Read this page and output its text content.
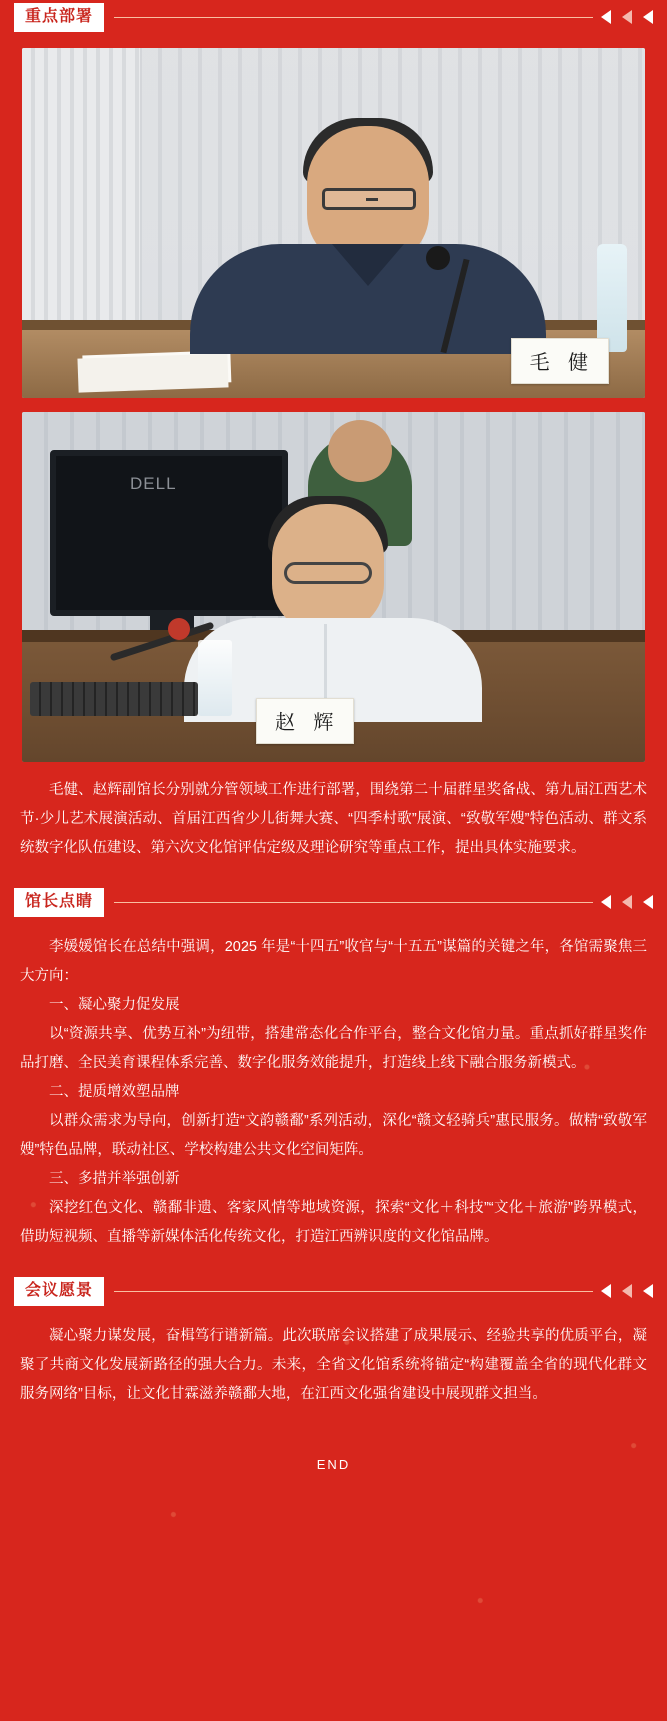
重点部署
毛 健
DELL
赵 辉

毛健、赵辉副馆长分别就分管领域工作进行部署，围绕第二十届群星奖备战、第九届江西艺术节·少儿艺术展演活动、首届江西省少儿街舞大赛、“四季村歌”展演、“致敬军嫂”特色活动、群文系统数字化队伍建设、第六次文化馆评估定级及理论研究等重点工作，提出具体实施要求。

馆长点睛

李媛媛馆长在总结中强调，2025 年是“十四五”收官与“十五五”谋篇的关键之年，各馆需聚焦三大方向：

一、凝心聚力促发展

以“资源共享、优势互补”为纽带，搭建常态化合作平台，整合文化馆力量。重点抓好群星奖作品打磨、全民美育课程体系完善、数字化服务效能提升，打造线上线下融合服务新模式。

二、提质增效塑品牌

以群众需求为导向，创新打造“文韵赣鄱”系列活动，深化“赣文轻骑兵”惠民服务。做精“致敬军嫂”特色品牌，联动社区、学校构建公共文化空间矩阵。

三、多措并举强创新

深挖红色文化、赣鄱非遗、客家风情等地域资源，探索“文化＋科技”“文化＋旅游”跨界模式，借助短视频、直播等新媒体活化传统文化，打造江西辨识度的文化馆品牌。

会议愿景

凝心聚力谋发展，奋楫笃行谱新篇。此次联席会议搭建了成果展示、经验共享的优质平台，凝聚了共商文化发展新路径的强大合力。未来，全省文化馆系统将锚定“构建覆盖全省的现代化群文服务网络”目标，让文化甘霖滋养赣鄱大地，在江西文化强省建设中展现群文担当。

END
